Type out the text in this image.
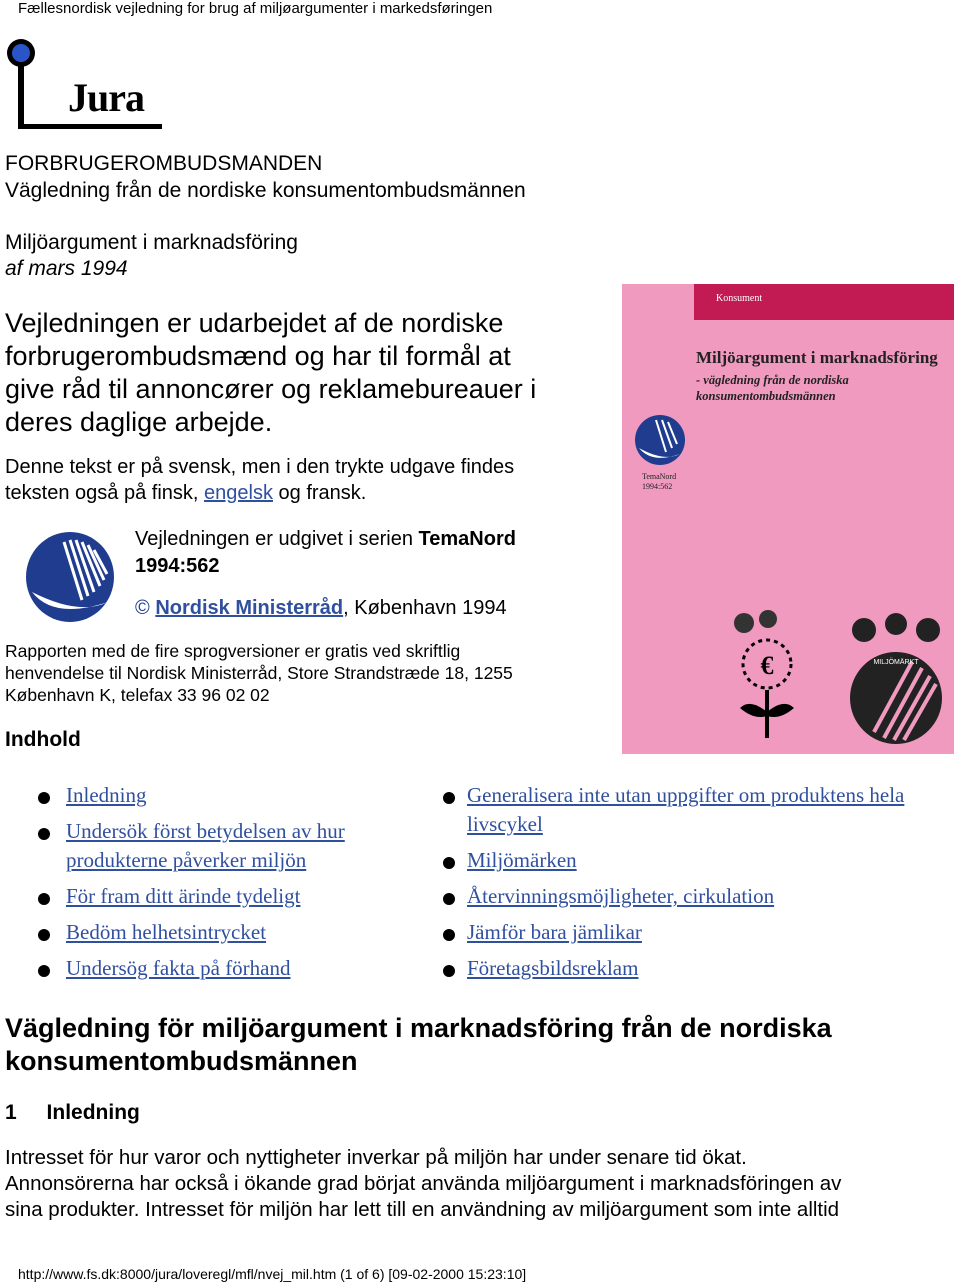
Fællesnordisk vejledning for brug af miljøargumenter i markedsføringen
Jura
FORBRUGEROMBUDSMANDEN
Vägledning från de nordiske konsumentombudsmännen
Miljöargument i marknadsföring
af mars 1994
Vejledningen er udarbejdet af de nordiske
forbrugerombudsmænd og har til formål at
give råd til annoncører og reklamebureauer i
deres daglige arbejde.
Denne tekst er på svensk, men i den trykte udgave findes
teksten også på finsk, engelsk og fransk.
Vejledningen er udgivet i serien TemaNord
1994:562
© Nordisk Ministerråd, København 1994
Rapporten med de fire sprogversioner er gratis ved skriftlig
henvendelse til Nordisk Ministerråd, Store Strandstræde 18, 1255
København K, telefax 33 96 02 02
Konsument
Miljöargument i marknadsföring
- vägledning från de nordiska
konsumentombudsmännen
TemaNord 1994:562
€	MILJÖMÄRKT
Indhold
Inledning
Undersök först betydelsen av hur
produkterne påverker miljön
För fram ditt ärinde tydeligt
Bedöm helhetsintrycket
Undersög fakta på förhand
Generalisera inte utan uppgifter om produktens hela
livscykel
Miljömärken
Återvinningsmöjligheter, cirkulation
Jämför bara jämlikar
Företagsbildsreklam
Vägledning för miljöargument i marknadsföring från de nordiska
konsumentombudsmännen
1 Inledning
Intresset för hur varor och nyttigheter inverkar på miljön har under senare tid ökat.
Annonsörerna har också i ökande grad börjat använda miljöargument i marknadsföringen av
sina produkter. Intresset för miljön har lett till en användning av miljöargument som inte alltid
http://www.fs.dk:8000/jura/loveregl/mfl/nvej_mil.htm (1 of 6) [09-02-2000 15:23:10]
